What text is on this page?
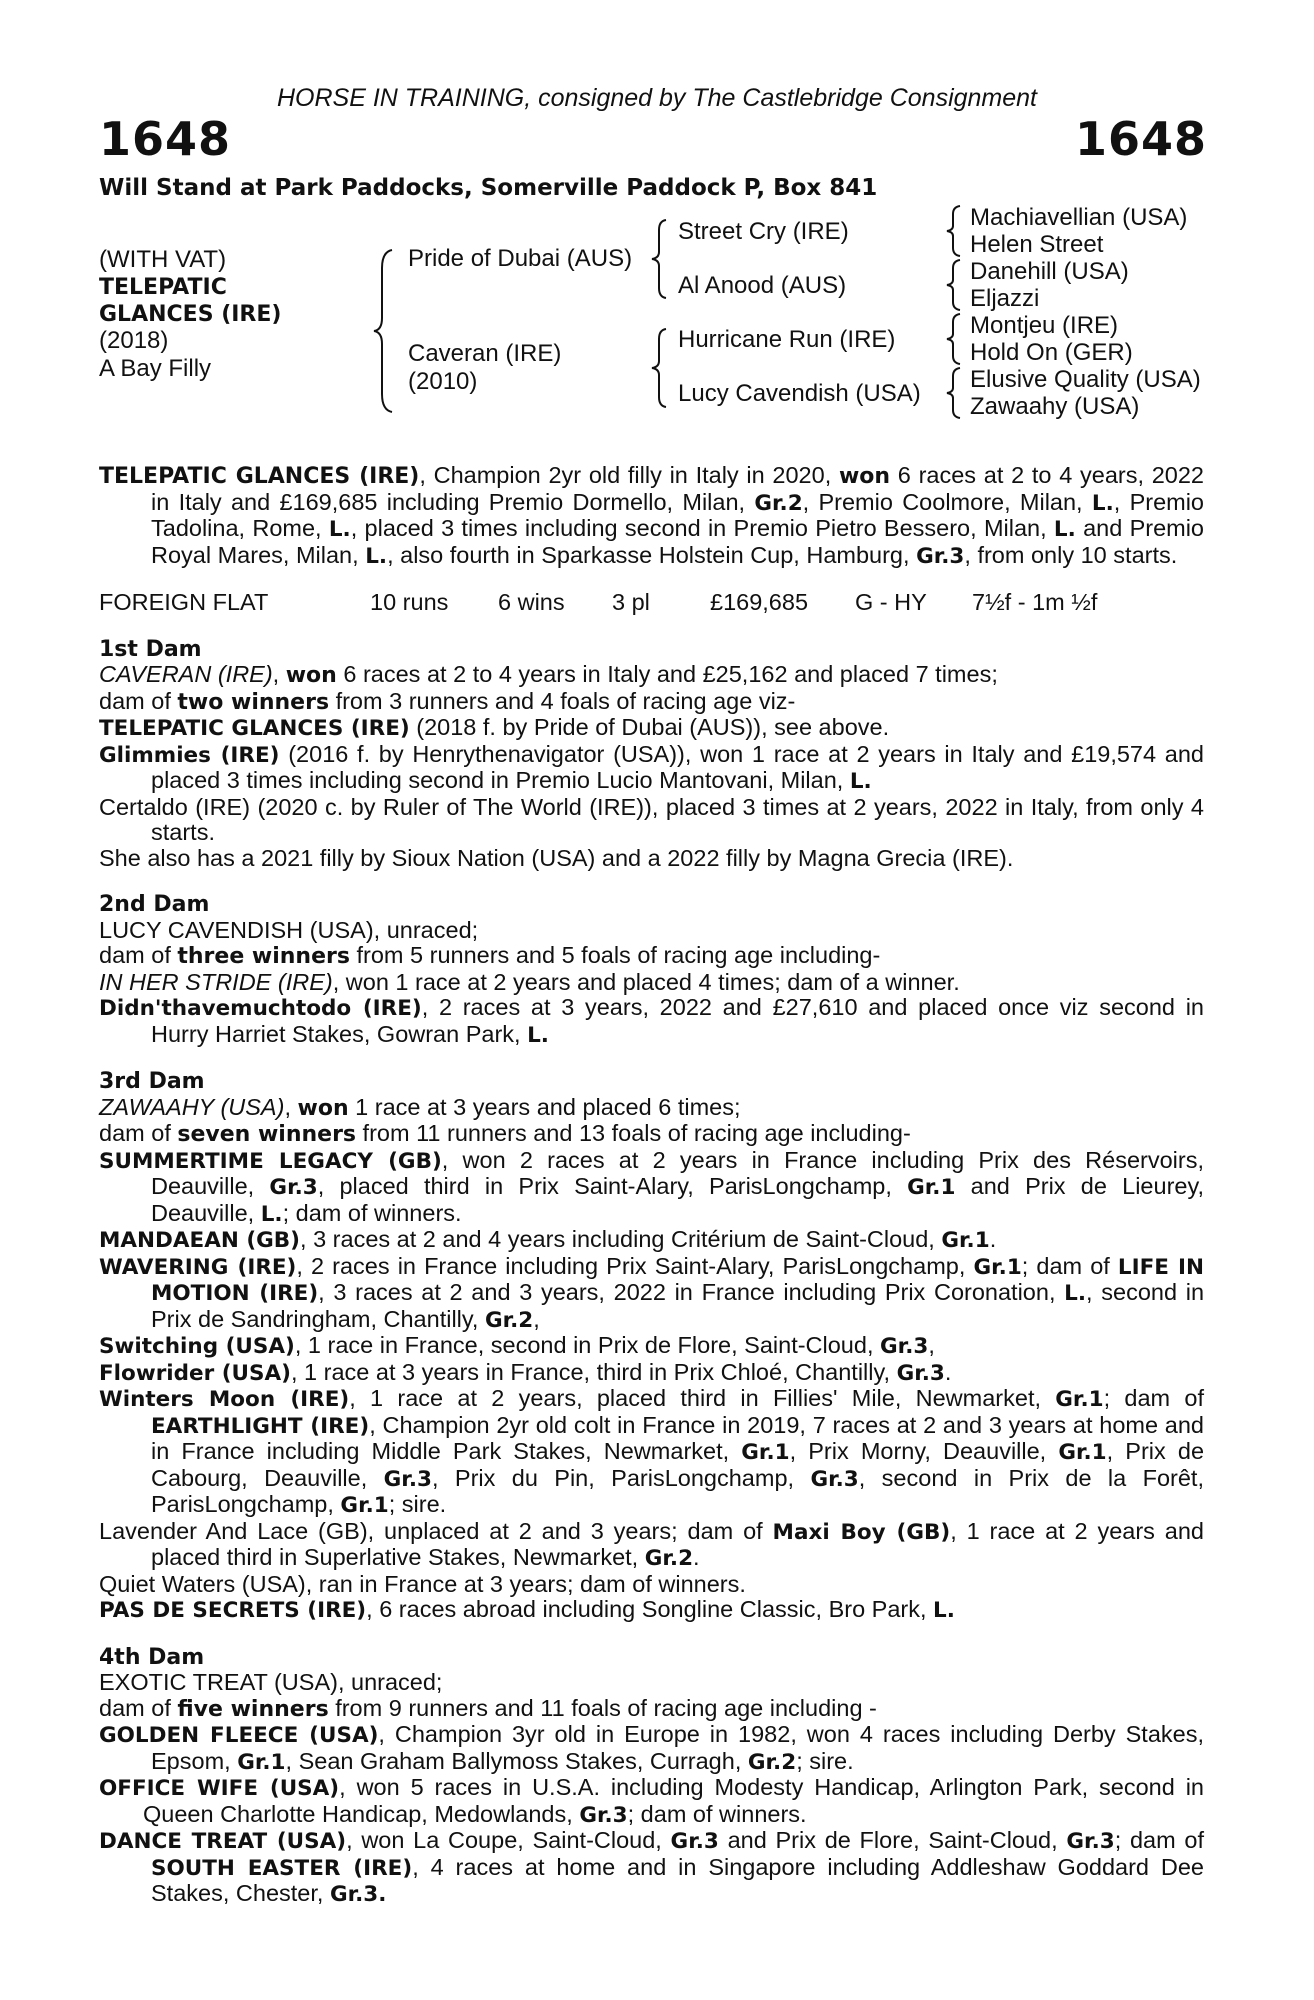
HORSE IN TRAINING, consigned by The Castlebridge Consignment
1648	1648
Will Stand at Park Paddocks, Somerville Paddock P, Box 841
(WITH VAT)
TELEPATIC
GLANCES (IRE)
(2018)
A Bay Filly
Pride of Dubai (AUS)
Caveran (IRE)
(2010)
Street Cry (IRE)
Al Anood (AUS)
Hurricane Run (IRE)
Lucy Cavendish (USA)
Machiavellian (USA)
Helen Street
Danehill (USA)
Eljazzi
Montjeu (IRE)
Hold On (GER)
Elusive Quality (USA)
Zawaahy (USA)

TELEPATIC GLANCES (IRE), Champion 2yr old filly in Italy in 2020, won 6 races at 2 to 4 years, 2022 in Italy and £169,685 including Premio Dormello, Milan, Gr.2, Premio Coolmore, Milan, L., Premio Tadolina, Rome, L., placed 3 times including second in Premio Pietro Bessero, Milan, L. and Premio Royal Mares, Milan, L., also fourth in Sparkasse Holstein Cup, Hamburg, Gr.3, from only 10 starts.

FOREIGN FLAT	10 runs	6 wins	3 pl	£169,685	G - HY	7½f - 1m ½f

1st Dam

CAVERAN (IRE), won 6 races at 2 to 4 years in Italy and £25,162 and placed 7 times;

dam of two winners from 3 runners and 4 foals of racing age viz-

TELEPATIC GLANCES (IRE) (2018 f. by Pride of Dubai (AUS)), see above.

Glimmies (IRE) (2016 f. by Henrythenavigator (USA)), won 1 race at 2 years in Italy and £19,574 and placed 3 times including second in Premio Lucio Mantovani, Milan, L.

Certaldo (IRE) (2020 c. by Ruler of The World (IRE)), placed 3 times at 2 years, 2022 in Italy, from only 4 starts.

She also has a 2021 filly by Sioux Nation (USA) and a 2022 filly by Magna Grecia (IRE).

2nd Dam

LUCY CAVENDISH (USA), unraced;

dam of three winners from 5 runners and 5 foals of racing age including-

IN HER STRIDE (IRE), won 1 race at 2 years and placed 4 times; dam of a winner.

Didn'thavemuchtodo (IRE), 2 races at 3 years, 2022 and £27,610 and placed once viz second in Hurry Harriet Stakes, Gowran Park, L.

3rd Dam

ZAWAAHY (USA), won 1 race at 3 years and placed 6 times;

dam of seven winners from 11 runners and 13 foals of racing age including-

SUMMERTIME LEGACY (GB), won 2 races at 2 years in France including Prix des Réservoirs, Deauville, Gr.3, placed third in Prix Saint-Alary, ParisLongchamp, Gr.1 and Prix de Lieurey, Deauville, L.; dam of winners.

MANDAEAN (GB), 3 races at 2 and 4 years including Critérium de Saint-Cloud, Gr.1.

WAVERING (IRE), 2 races in France including Prix Saint-Alary, ParisLongchamp, Gr.1; dam of LIFE IN MOTION (IRE), 3 races at 2 and 3 years, 2022 in France including Prix Coronation, L., second in Prix de Sandringham, Chantilly, Gr.2,

Switching (USA), 1 race in France, second in Prix de Flore, Saint-Cloud, Gr.3,

Flowrider (USA), 1 race at 3 years in France, third in Prix Chloé, Chantilly, Gr.3.

Winters Moon (IRE), 1 race at 2 years, placed third in Fillies' Mile, Newmarket, Gr.1; dam of EARTHLIGHT (IRE), Champion 2yr old colt in France in 2019, 7 races at 2 and 3 years at home and in France including Middle Park Stakes, Newmarket, Gr.1, Prix Morny, Deauville, Gr.1, Prix de Cabourg, Deauville, Gr.3, Prix du Pin, ParisLongchamp, Gr.3, second in Prix de la Forêt, ParisLongchamp, Gr.1; sire.

Lavender And Lace (GB), unplaced at 2 and 3 years; dam of Maxi Boy (GB), 1 race at 2 years and placed third in Superlative Stakes, Newmarket, Gr.2.

Quiet Waters (USA), ran in France at 3 years; dam of winners.

PAS DE SECRETS (IRE), 6 races abroad including Songline Classic, Bro Park, L.

4th Dam

EXOTIC TREAT (USA), unraced;

dam of five winners from 9 runners and 11 foals of racing age including -

GOLDEN FLEECE (USA), Champion 3yr old in Europe in 1982, won 4 races including Derby Stakes, Epsom, Gr.1, Sean Graham Ballymoss Stakes, Curragh, Gr.2; sire.

OFFICE WIFE (USA), won 5 races in U.S.A. including Modesty Handicap, Arlington Park, second in Queen Charlotte Handicap, Medowlands, Gr.3; dam of winners.

DANCE TREAT (USA), won La Coupe, Saint-Cloud, Gr.3 and Prix de Flore, Saint-Cloud, Gr.3; dam of SOUTH EASTER (IRE), 4 races at home and in Singapore including Addleshaw Goddard Dee Stakes, Chester, Gr.3.
